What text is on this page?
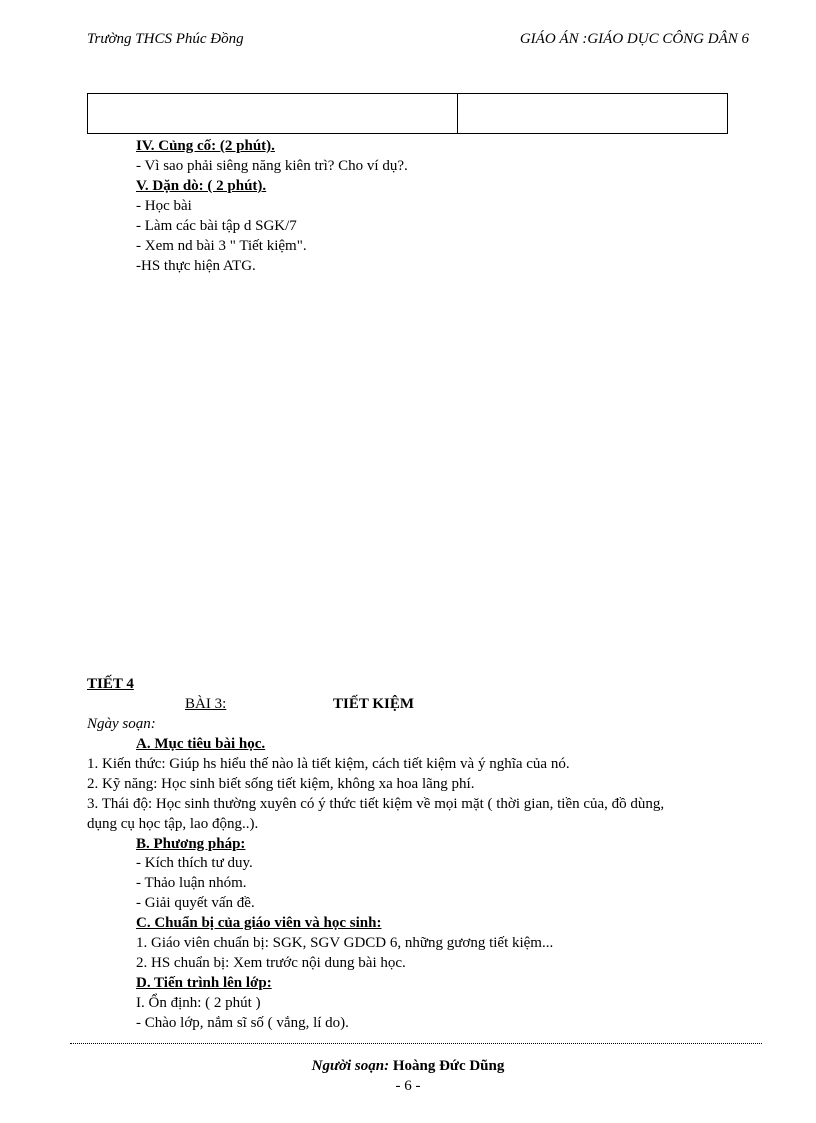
Trường THCS Phúc Đồng	GIÁO ÁN :GIÁO DỤC CÔNG DÂN 6
IV. Củng cố: (2 phút).
- Vì sao phải siêng năng kiên trì? Cho ví dụ?.
V. Dặn dò: ( 2 phút).
- Học bài
- Làm các bài tập d SGK/7
- Xem nd bài 3 " Tiết kiệm".
-HS thực hiện ATG.
TIẾT 4
BÀI 3:	TIẾT KIỆM
Ngày soạn:
A. Mục tiêu bài học.
1. Kiến thức: Giúp hs hiểu thế nào là tiết kiệm, cách tiết kiệm và ý nghĩa của nó.
2. Kỹ năng: Học sinh biết sống tiết kiệm, không xa hoa lãng phí.
3. Thái độ: Học sinh thường xuyên có ý thức tiết kiệm về mọi mặt ( thời gian, tiền của, đồ dùng,
dụng cụ học tập, lao động..).
B. Phương pháp:
- Kích thích tư duy.
- Thảo luận nhóm.
- Giải quyết vấn đề.
C. Chuẩn bị của giáo viên và học sinh:
1. Giáo viên chuẩn bị: SGK, SGV GDCD 6, những gương tiết kiệm...
2. HS chuẩn bị: Xem trước nội dung bài học.
D. Tiến trình lên lớp:
I. Ổn định: ( 2 phút )
- Chào lớp, nắm sĩ số ( vắng, lí do).
Người soạn: Hoàng Đức Dũng
- 6 -
